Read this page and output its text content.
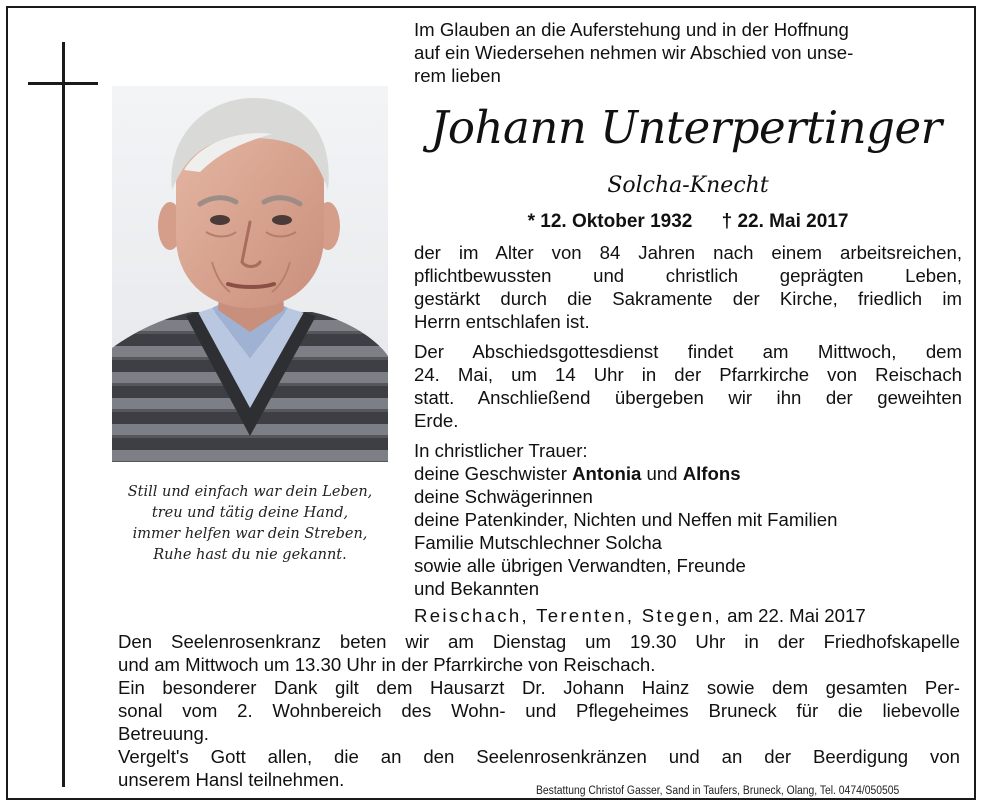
Still und einfach war dein Leben,
treu und tätig deine Hand,
immer helfen war dein Streben,
Ruhe hast du nie gekannt.
Im Glauben an die Auferstehung und in der Hoffnung
auf ein Wiedersehen nehmen wir Abschied von unse-
rem lieben
Johann Unterpertinger
Solcha-Knecht
* 12. Oktober 1932 † 22. Mai 2017
der im Alter von 84 Jahren nach einem arbeitsreichen,
pflichtbewussten und christlich geprägten Leben,
gestärkt durch die Sakramente der Kirche, friedlich im
Herrn entschlafen ist.
Der Abschiedsgottesdienst findet am Mittwoch, dem
24. Mai, um 14 Uhr in der Pfarrkirche von Reischach
statt. Anschließend übergeben wir ihn der geweihten
Erde.
In christlicher Trauer:
deine Geschwister Antonia und Alfons
deine Schwägerinnen
deine Patenkinder, Nichten und Neffen mit Familien
Familie Mutschlechner Solcha
sowie alle übrigen Verwandten, Freunde
und Bekannten
Reischach, Terenten, Stegen, am 22. Mai 2017
Den Seelenrosenkranz beten wir am Dienstag um 19.30 Uhr in der Friedhofskapelle
und am Mittwoch um 13.30 Uhr in der Pfarrkirche von Reischach.
Ein besonderer Dank gilt dem Hausarzt Dr. Johann Hainz sowie dem gesamten Per-
sonal vom 2. Wohnbereich des Wohn- und Pflegeheimes Bruneck für die liebevolle
Betreuung.
Vergelt's Gott allen, die an den Seelenrosenkränzen und an der Beerdigung von
unserem Hansl teilnehmen.
Bestattung Christof Gasser, Sand in Taufers, Bruneck, Olang, Tel. 0474/050505
